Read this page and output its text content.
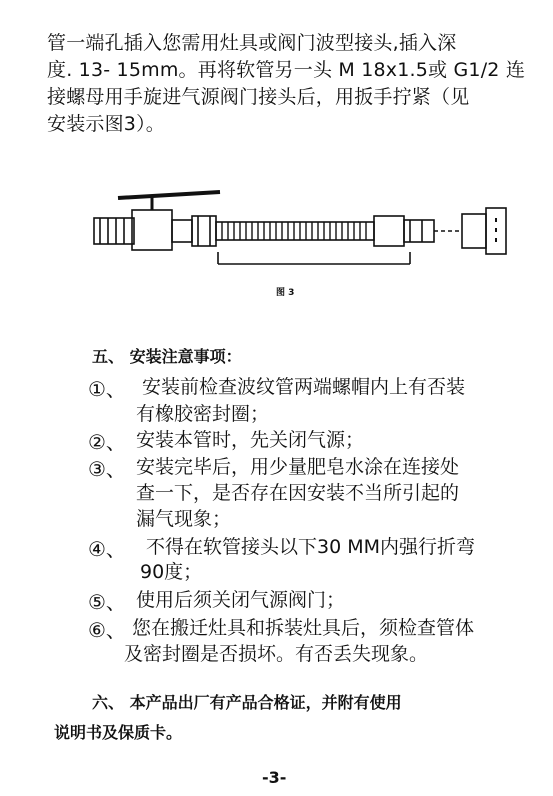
管一端孔插入您需用灶具或阀门波型接头,插入深
度. 13- 15mm。再将软管另一头 M 18x1.5或 G1/2 连
接螺母用手旋进气源阀门接头后，用扳手拧紧（见
安装示图3）。
图 3
五、 安装注意事项：
①、 安装前检查波纹管两端螺帽内上有否装
有橡胶密封圈；
②、 安装本管时，先关闭气源；
③、 安装完毕后，用少量肥皂水涂在连接处
查一下，是否存在因安装不当所引起的
漏气现象；
④、 不得在软管接头以下30 MM内强行折弯
90度；
⑤、 使用后须关闭气源阀门；
⑥、 您在搬迁灶具和拆装灶具后，须检查管体
及密封圈是否损坏。有否丢失现象。
六、 本产品出厂有产品合格证，并附有使用
说明书及保质卡。
-3-
